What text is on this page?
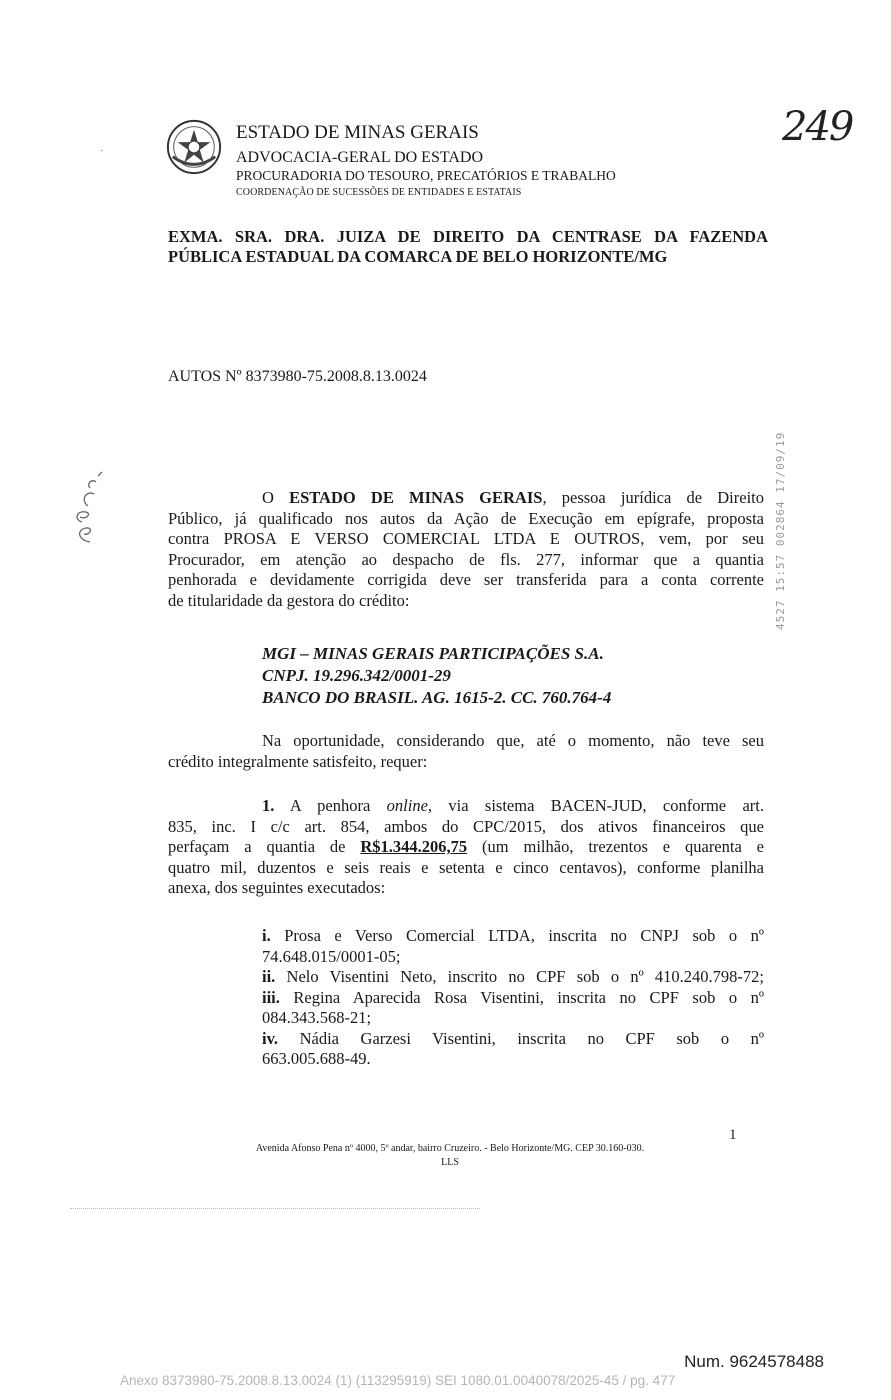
·
ESTADO DE MINAS GERAIS
ADVOCACIA-GERAL DO ESTADO
PROCURADORIA DO TESOURO, PRECATÓRIOS E TRABALHO
COORDENAÇÃO DE SUCESSÕES DE ENTIDADES E ESTATAIS
249
EXMA. SRA. DRA. JUIZA DE DIREITO DA CENTRASE DA FAZENDA
PÚBLICA ESTADUAL DA COMARCA DE BELO HORIZONTE/MG
AUTOS Nº 8373980-75.2008.8.13.0024
4527 15:57 002864 17/09/19
O ESTADO DE MINAS GERAIS, pessoa jurídica de Direito
Público, já qualificado nos autos da Ação de Execução em epígrafe, proposta
contra PROSA E VERSO COMERCIAL LTDA E OUTROS, vem, por seu
Procurador, em atenção ao despacho de fls. 277, informar que a quantia
penhorada e devidamente corrigida deve ser transferida para a conta corrente
de titularidade da gestora do crédito:
MGI – MINAS GERAIS PARTICIPAÇÕES S.A.
CNPJ. 19.296.342/0001-29
BANCO DO BRASIL. AG. 1615-2. CC. 760.764-4
Na oportunidade, considerando que, até o momento, não teve seu
crédito integralmente satisfeito, requer:
1. A penhora online, via sistema BACEN-JUD, conforme art.
835, inc. I c/c art. 854, ambos do CPC/2015, dos ativos financeiros que
perfaçam a quantia de R$1.344.206,75 (um milhão, trezentos e quarenta e
quatro mil, duzentos e seis reais e setenta e cinco centavos), conforme planilha
anexa, dos seguintes executados:
i. Prosa e Verso Comercial LTDA, inscrita no CNPJ sob o nº
74.648.015/0001-05;
ii. Nelo Visentini Neto, inscrito no CPF sob o nº 410.240.798-72;
iii. Regina Aparecida Rosa Visentini, inscrita no CPF sob o nº
084.343.568-21;
iv. Nádia Garzesi Visentini, inscrita no CPF sob o nº
663.005.688-49.
1
Avenida Afonso Pena nº 4000, 5º andar, bairro Cruzeiro. - Belo Horizonte/MG. CEP 30.160-030.
LLS
Num. 9624578488
Anexo 8373980-75.2008.8.13.0024 (1) (113295919) SEI 1080.01.0040078/2025-45 / pg. 477
